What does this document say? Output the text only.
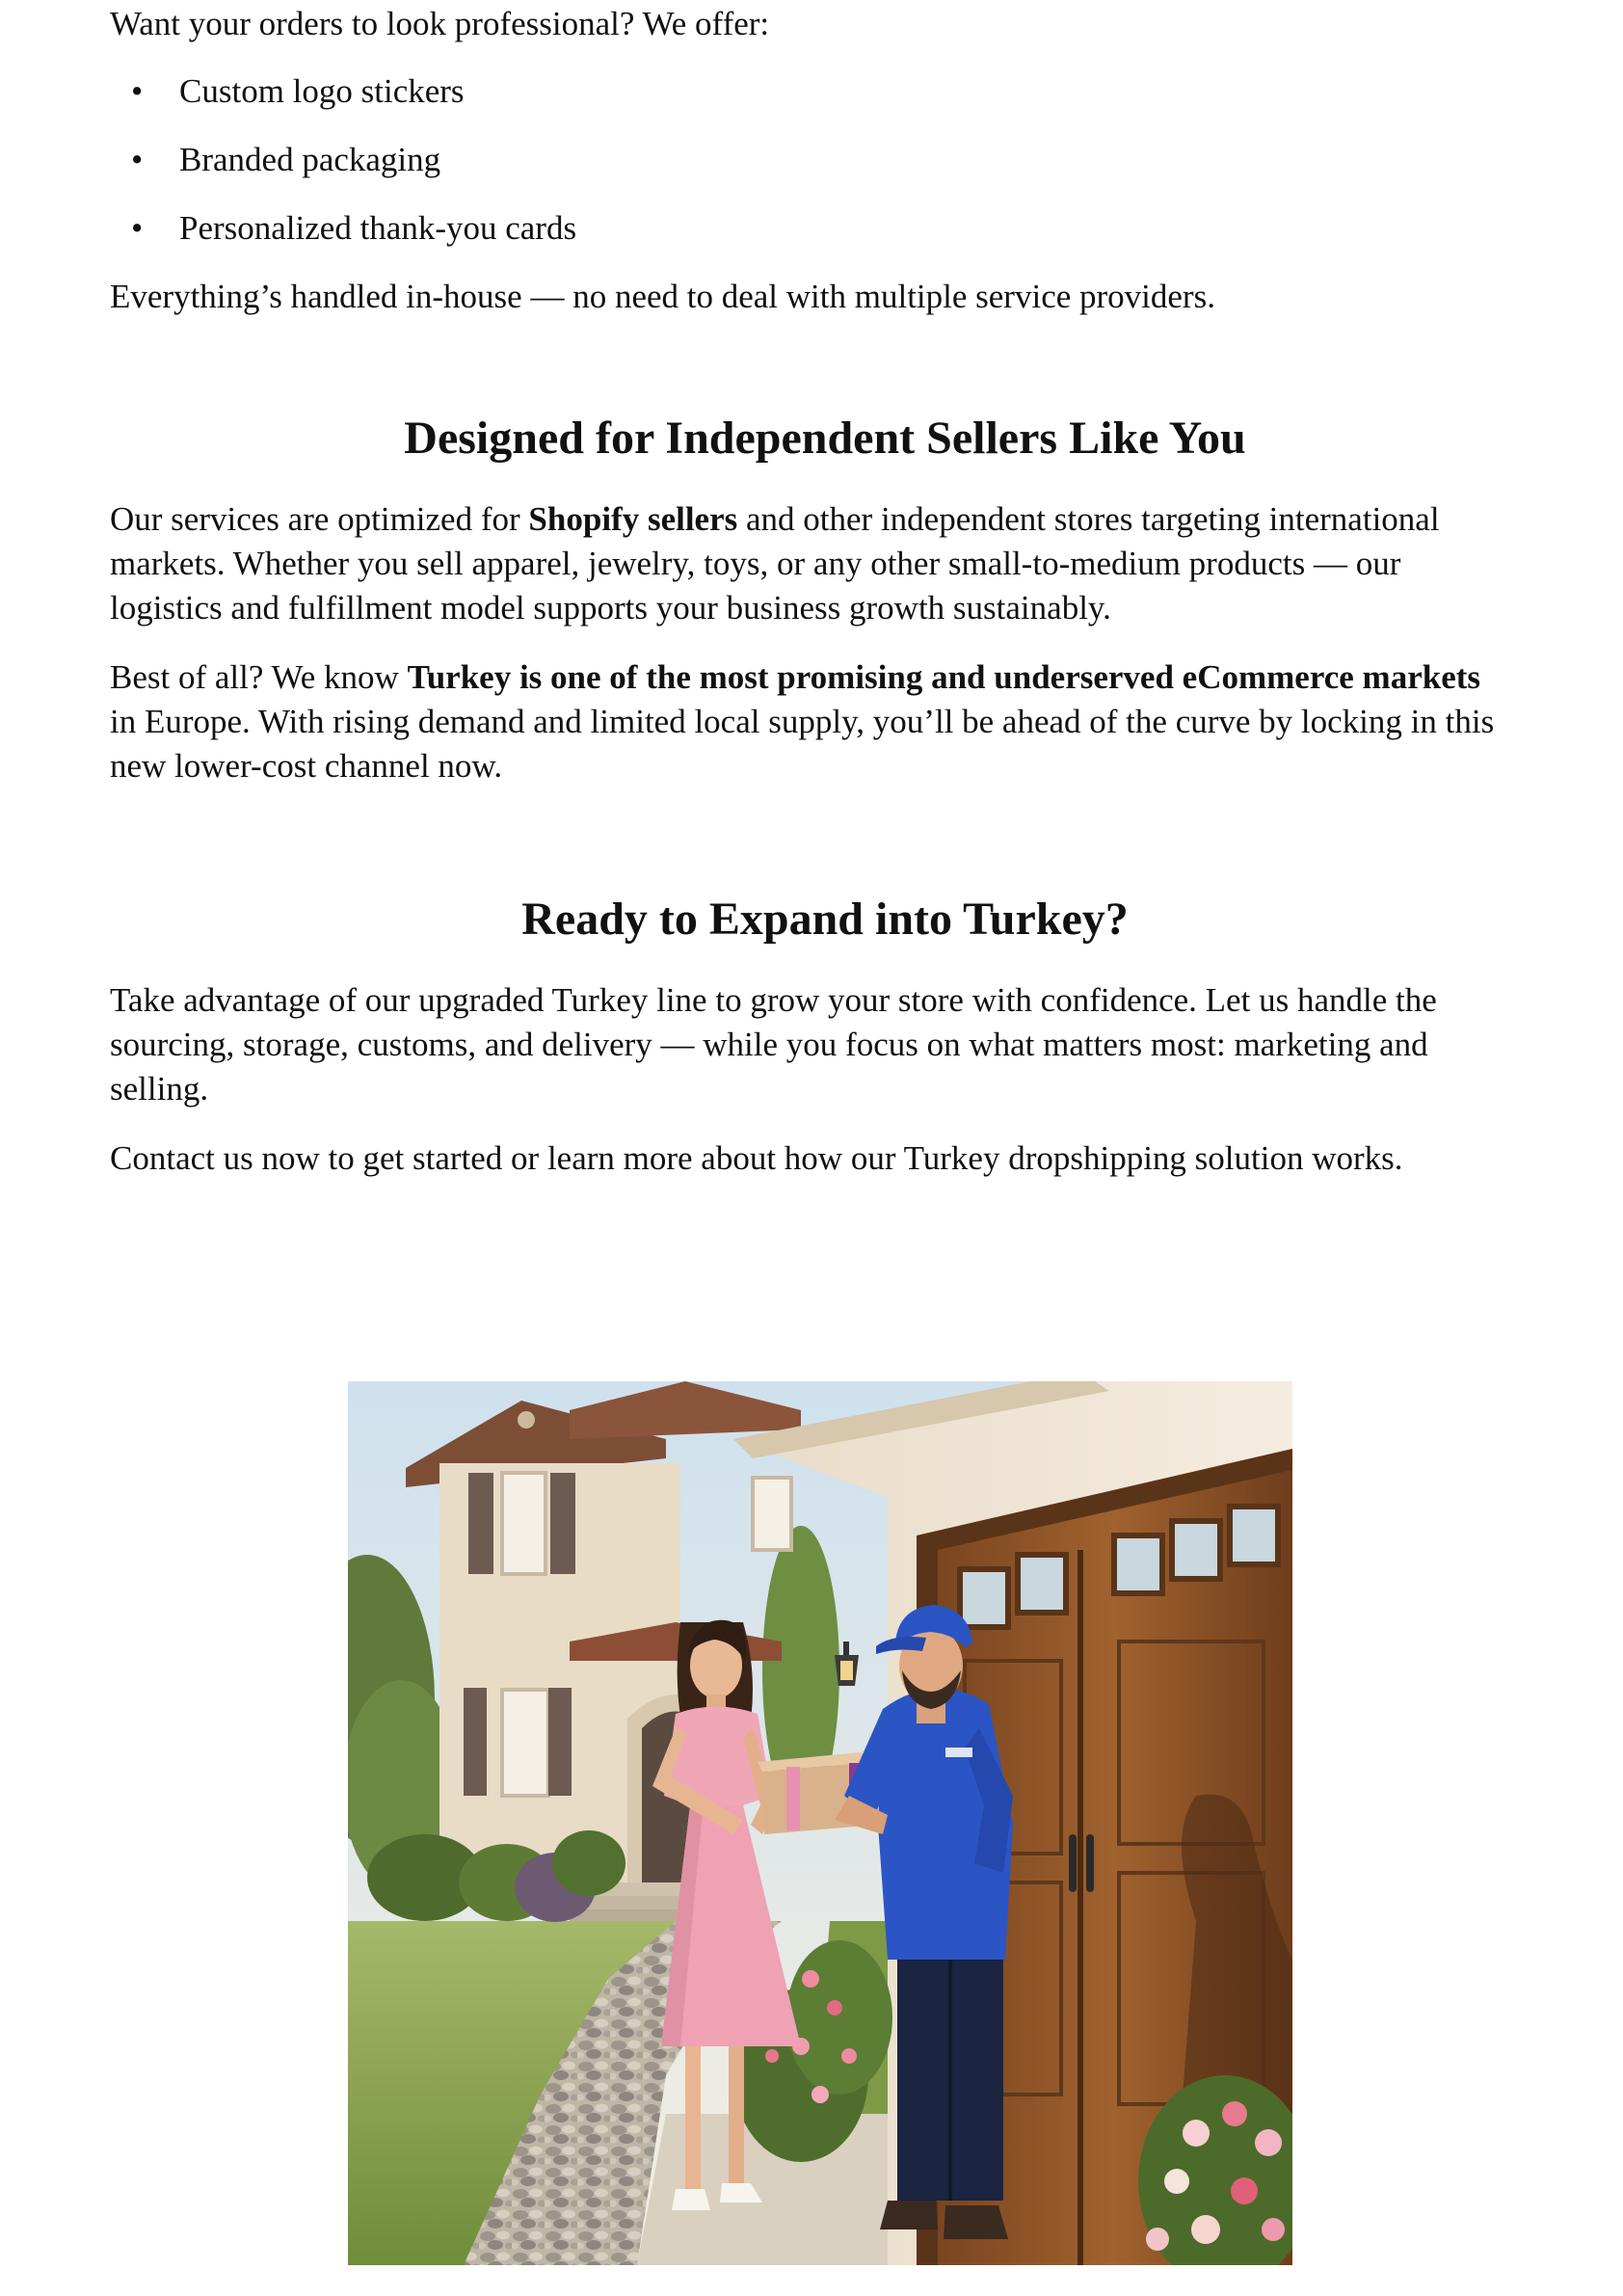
Want your orders to look professional? We offer:

• Custom logo stickers
• Branded packaging
• Personalized thank-you cards

Everything’s handled in-house — no need to deal with multiple service providers.

Designed for Independent Sellers Like You

Our services are optimized for Shopify sellers and other independent stores targeting international markets. Whether you sell apparel, jewelry, toys, or any other small-to-medium products — our logistics and fulfillment model supports your business growth sustainably.

Best of all? We know Turkey is one of the most promising and underserved eCommerce markets in Europe. With rising demand and limited local supply, you’ll be ahead of the curve by locking in this new lower-cost channel now.

Ready to Expand into Turkey?

Take advantage of our upgraded Turkey line to grow your store with confidence. Let us handle the sourcing, storage, customs, and delivery — while you focus on what matters most: marketing and selling.

Contact us now to get started or learn more about how our Turkey dropshipping solution works.
